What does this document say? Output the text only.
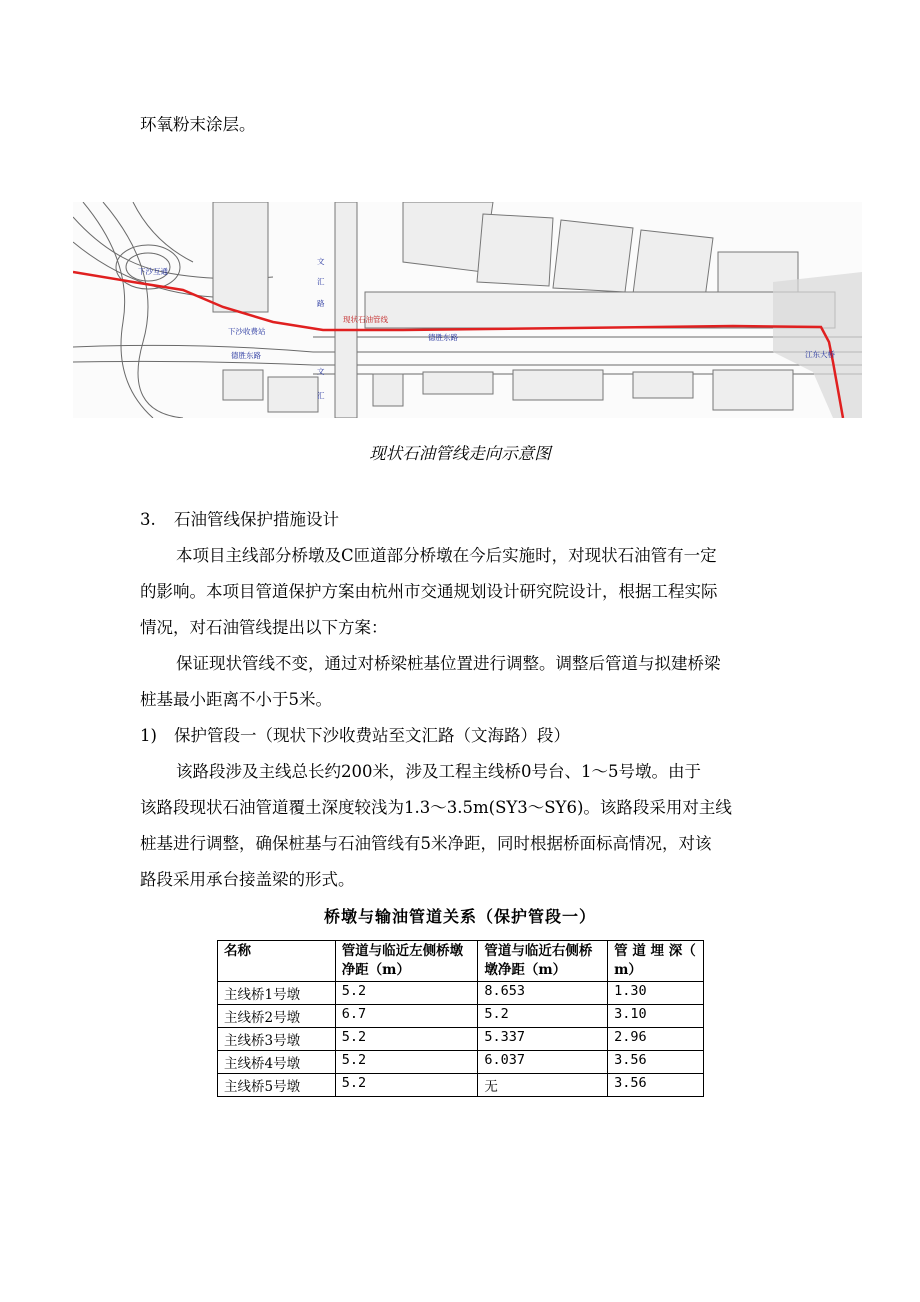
环氧粉末涂层。
下沙互通
下沙收费站
德胜东路
现状石油管线
德胜东路
江东大桥
文
汇
路
文
汇
现状石油管线走向示意图
3. 石油管线保护措施设计
本项目主线部分桥墩及C匝道部分桥墩在今后实施时，对现状石油管有一定
的影响。本项目管道保护方案由杭州市交通规划设计研究院设计，根据工程实际
情况，对石油管线提出以下方案：
保证现状管线不变，通过对桥梁桩基位置进行调整。调整后管道与拟建桥梁
桩基最小距离不小于5米。
1) 保护管段一（现状下沙收费站至文汇路（文海路）段）
该路段涉及主线总长约200米，涉及工程主线桥0号台、1～5号墩。由于
该路段现状石油管道覆土深度较浅为1.3～3.5m(SY3～SY6)。该路段采用对主线
桩基进行调整，确保桩基与石油管线有5米净距，同时根据桥面标高情况，对该
路段采用承台接盖梁的形式。
桥墩与输油管道关系（保护管段一）
名称	管道与临近左侧桥墩净距（m）	管道与临近右侧桥墩净距（m）	管 道 埋 深（ m）
主线桥1号墩	5.2	8.653	1.30
主线桥2号墩	6.7	5.2	3.10
主线桥3号墩	5.2	5.337	2.96
主线桥4号墩	5.2	6.037	3.56
主线桥5号墩	5.2	无	3.56
